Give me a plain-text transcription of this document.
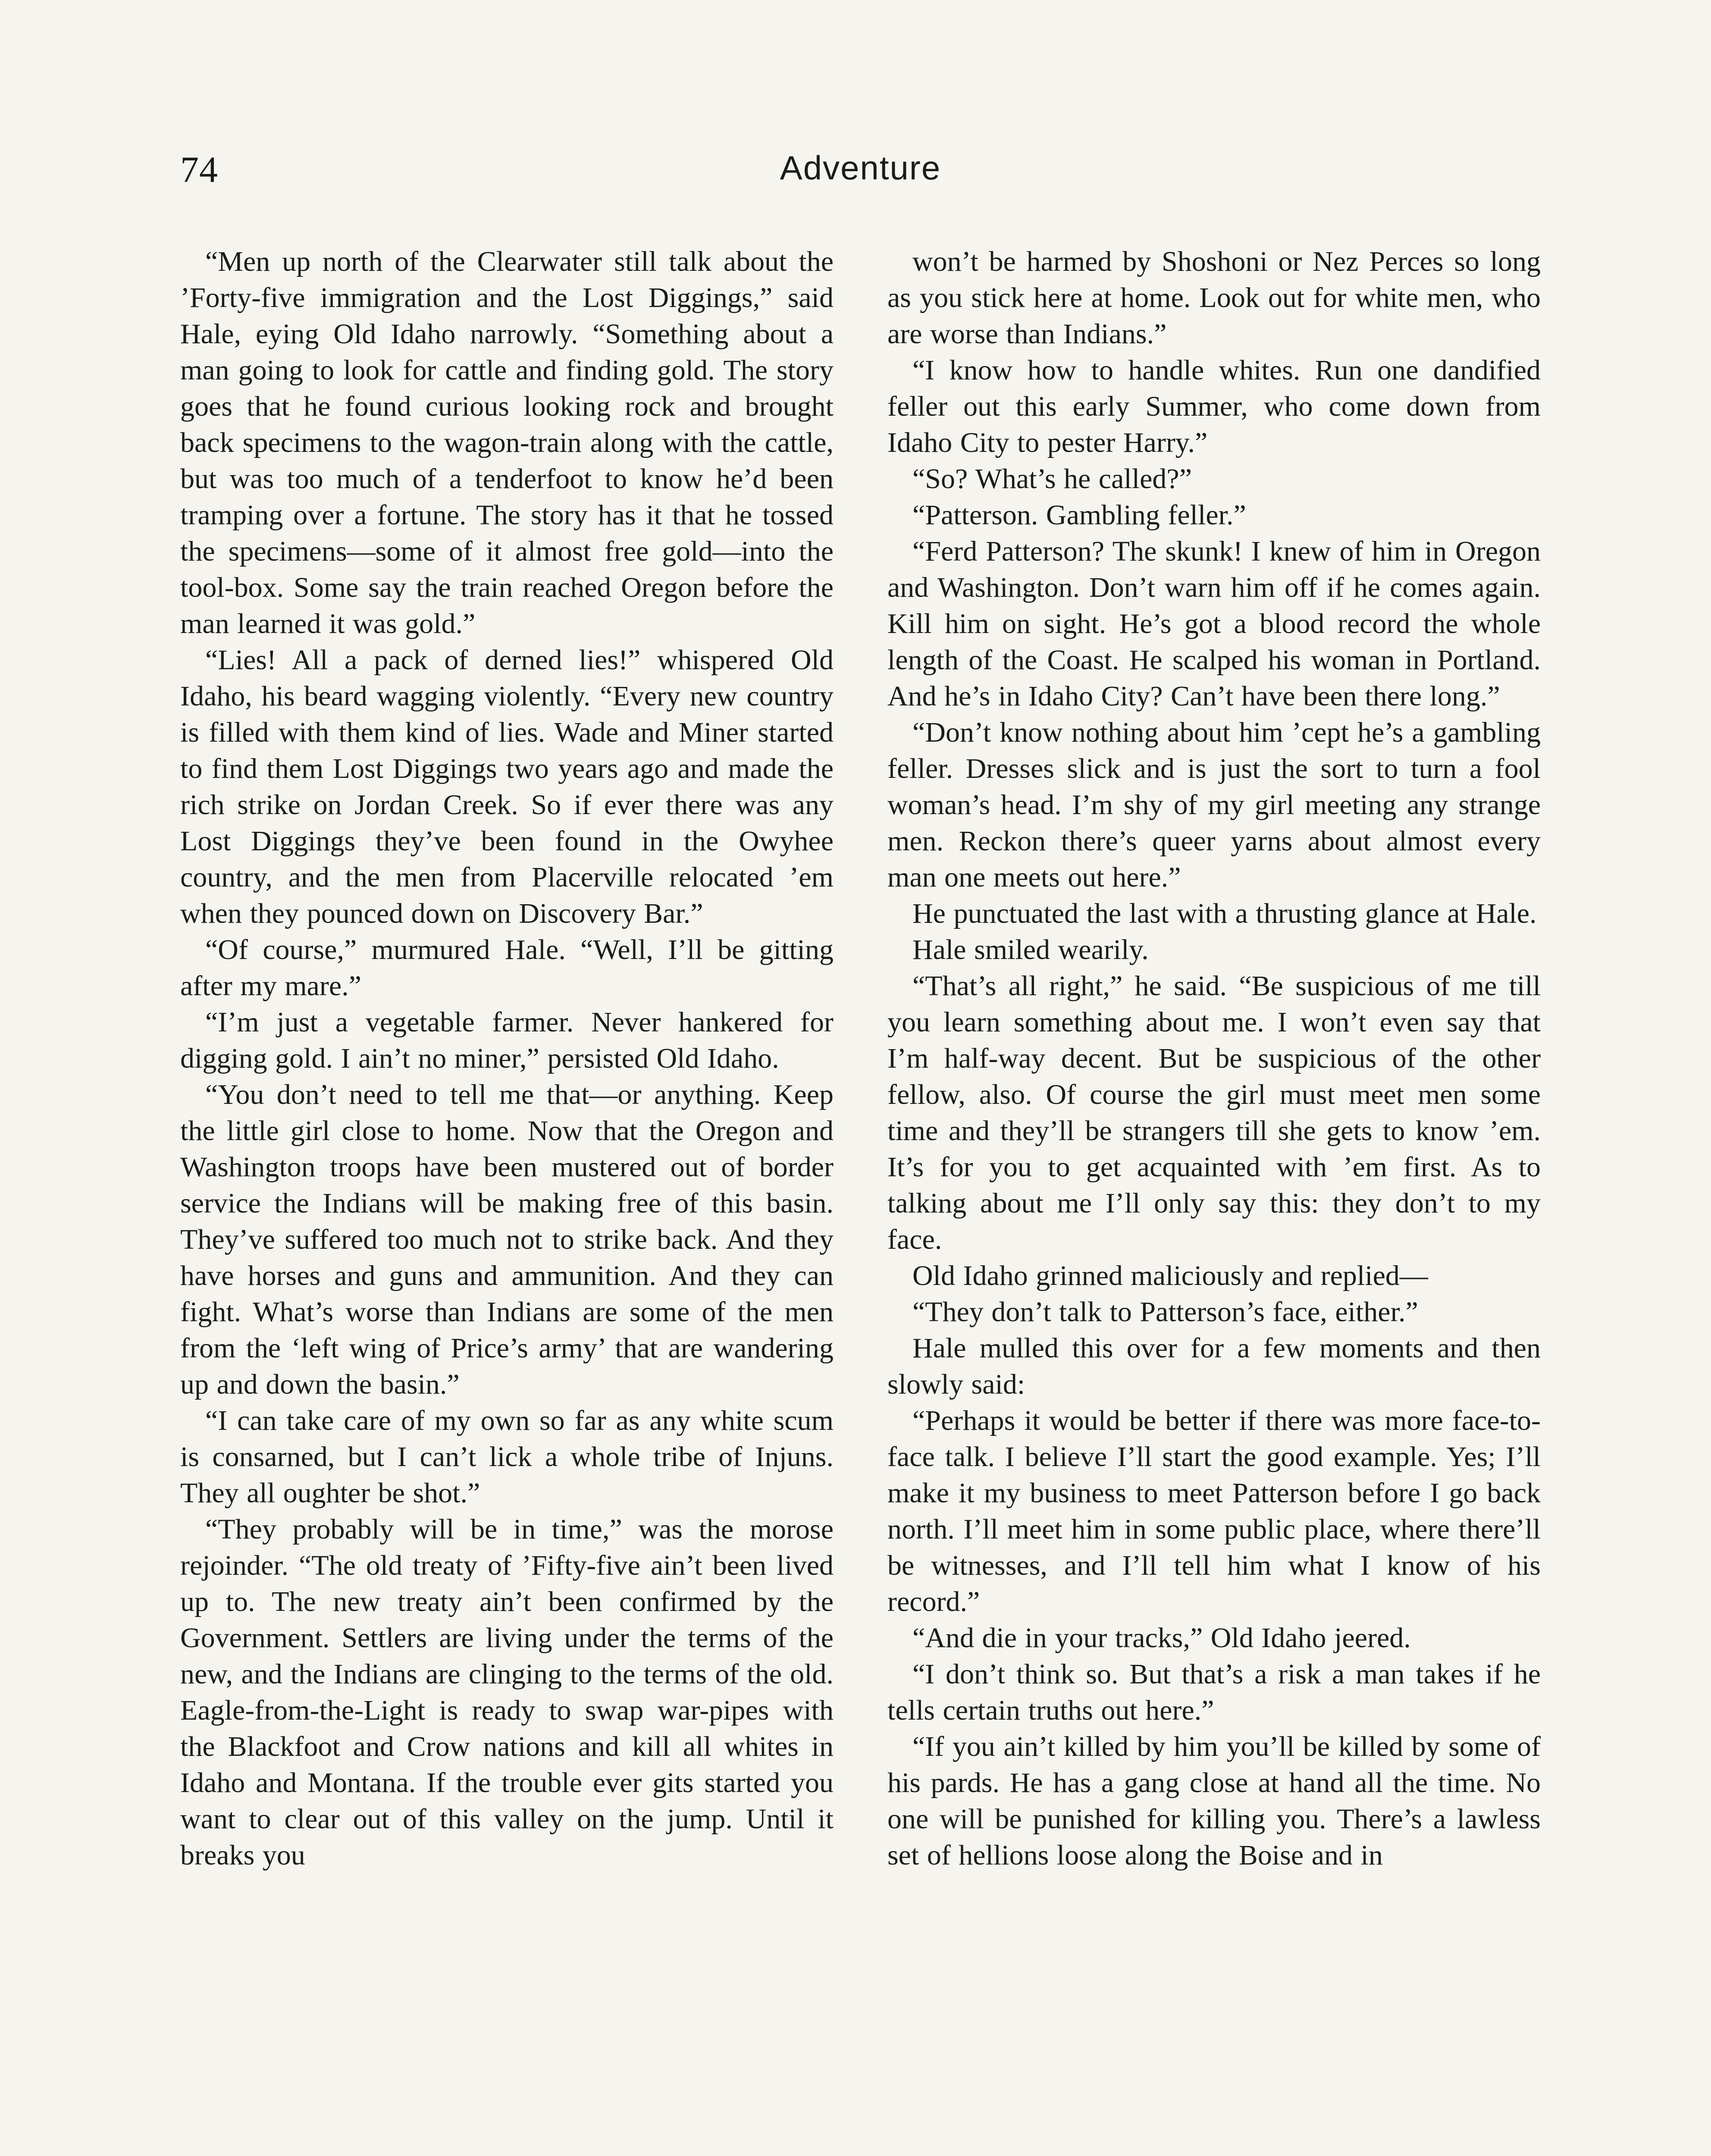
74	Adventure

“Men up north of the Clearwater still talk about the ’Forty-five immigration and the Lost Diggings,” said Hale, eying Old Idaho narrowly. “Something about a man going to look for cattle and finding gold. The story goes that he found curious looking rock and brought back specimens to the wagon-train along with the cattle, but was too much of a tenderfoot to know he’d been tramping over a fortune. The story has it that he tossed the specimens—some of it almost free gold—into the tool-box. Some say the train reached Oregon before the man learned it was gold.”

“Lies! All a pack of derned lies!” whispered Old Idaho, his beard wagging violently. “Every new country is filled with them kind of lies. Wade and Miner started to find them Lost Diggings two years ago and made the rich strike on Jordan Creek. So if ever there was any Lost Diggings they’ve been found in the Owyhee country, and the men from Placerville relocated ’em when they pounced down on Discovery Bar.”

“Of course,” murmured Hale. “Well, I’ll be gitting after my mare.”

“I’m just a vegetable farmer. Never hankered for digging gold. I ain’t no miner,” persisted Old Idaho.

“You don’t need to tell me that—or anything. Keep the little girl close to home. Now that the Oregon and Washington troops have been mustered out of border service the Indians will be making free of this basin. They’ve suffered too much not to strike back. And they have horses and guns and ammunition. And they can fight. What’s worse than Indians are some of the men from the ‘left wing of Price’s army’ that are wandering up and down the basin.”

“I can take care of my own so far as any white scum is consarned, but I can’t lick a whole tribe of Injuns. They all oughter be shot.”

“They probably will be in time,” was the morose rejoinder. “The old treaty of ’Fifty-five ain’t been lived up to. The new treaty ain’t been confirmed by the Government. Settlers are living under the terms of the new, and the Indians are clinging to the terms of the old. Eagle-from-the-Light is ready to swap war-pipes with the Blackfoot and Crow nations and kill all whites in Idaho and Montana. If the trouble ever gits started you want to clear out of this valley on the jump. Until it breaks you

won’t be harmed by Shoshoni or Nez Perces so long as you stick here at home. Look out for white men, who are worse than Indians.”

“I know how to handle whites. Run one dandified feller out this early Summer, who come down from Idaho City to pester Harry.”

“So? What’s he called?”

“Patterson. Gambling feller.”

“Ferd Patterson? The skunk! I knew of him in Oregon and Washington. Don’t warn him off if he comes again. Kill him on sight. He’s got a blood record the whole length of the Coast. He scalped his woman in Portland. And he’s in Idaho City? Can’t have been there long.”

“Don’t know nothing about him ’cept he’s a gambling feller. Dresses slick and is just the sort to turn a fool woman’s head. I’m shy of my girl meeting any strange men. Reckon there’s queer yarns about almost every man one meets out here.”

He punctuated the last with a thrusting glance at Hale.

Hale smiled wearily.

“That’s all right,” he said. “Be suspicious of me till you learn something about me. I won’t even say that I’m half-way decent. But be suspicious of the other fellow, also. Of course the girl must meet men some time and they’ll be strangers till she gets to know ’em. It’s for you to get acquainted with ’em first. As to talking about me I’ll only say this: they don’t to my face.

Old Idaho grinned maliciously and replied—

“They don’t talk to Patterson’s face, either.”

Hale mulled this over for a few moments and then slowly said:

“Perhaps it would be better if there was more face-to-face talk. I believe I’ll start the good example. Yes; I’ll make it my business to meet Patterson before I go back north. I’ll meet him in some public place, where there’ll be witnesses, and I’ll tell him what I know of his record.”

“And die in your tracks,” Old Idaho jeered.

“I don’t think so. But that’s a risk a man takes if he tells certain truths out here.”

“If you ain’t killed by him you’ll be killed by some of his pards. He has a gang close at hand all the time. No one will be punished for killing you. There’s a lawless set of hellions loose along the Boise and in
